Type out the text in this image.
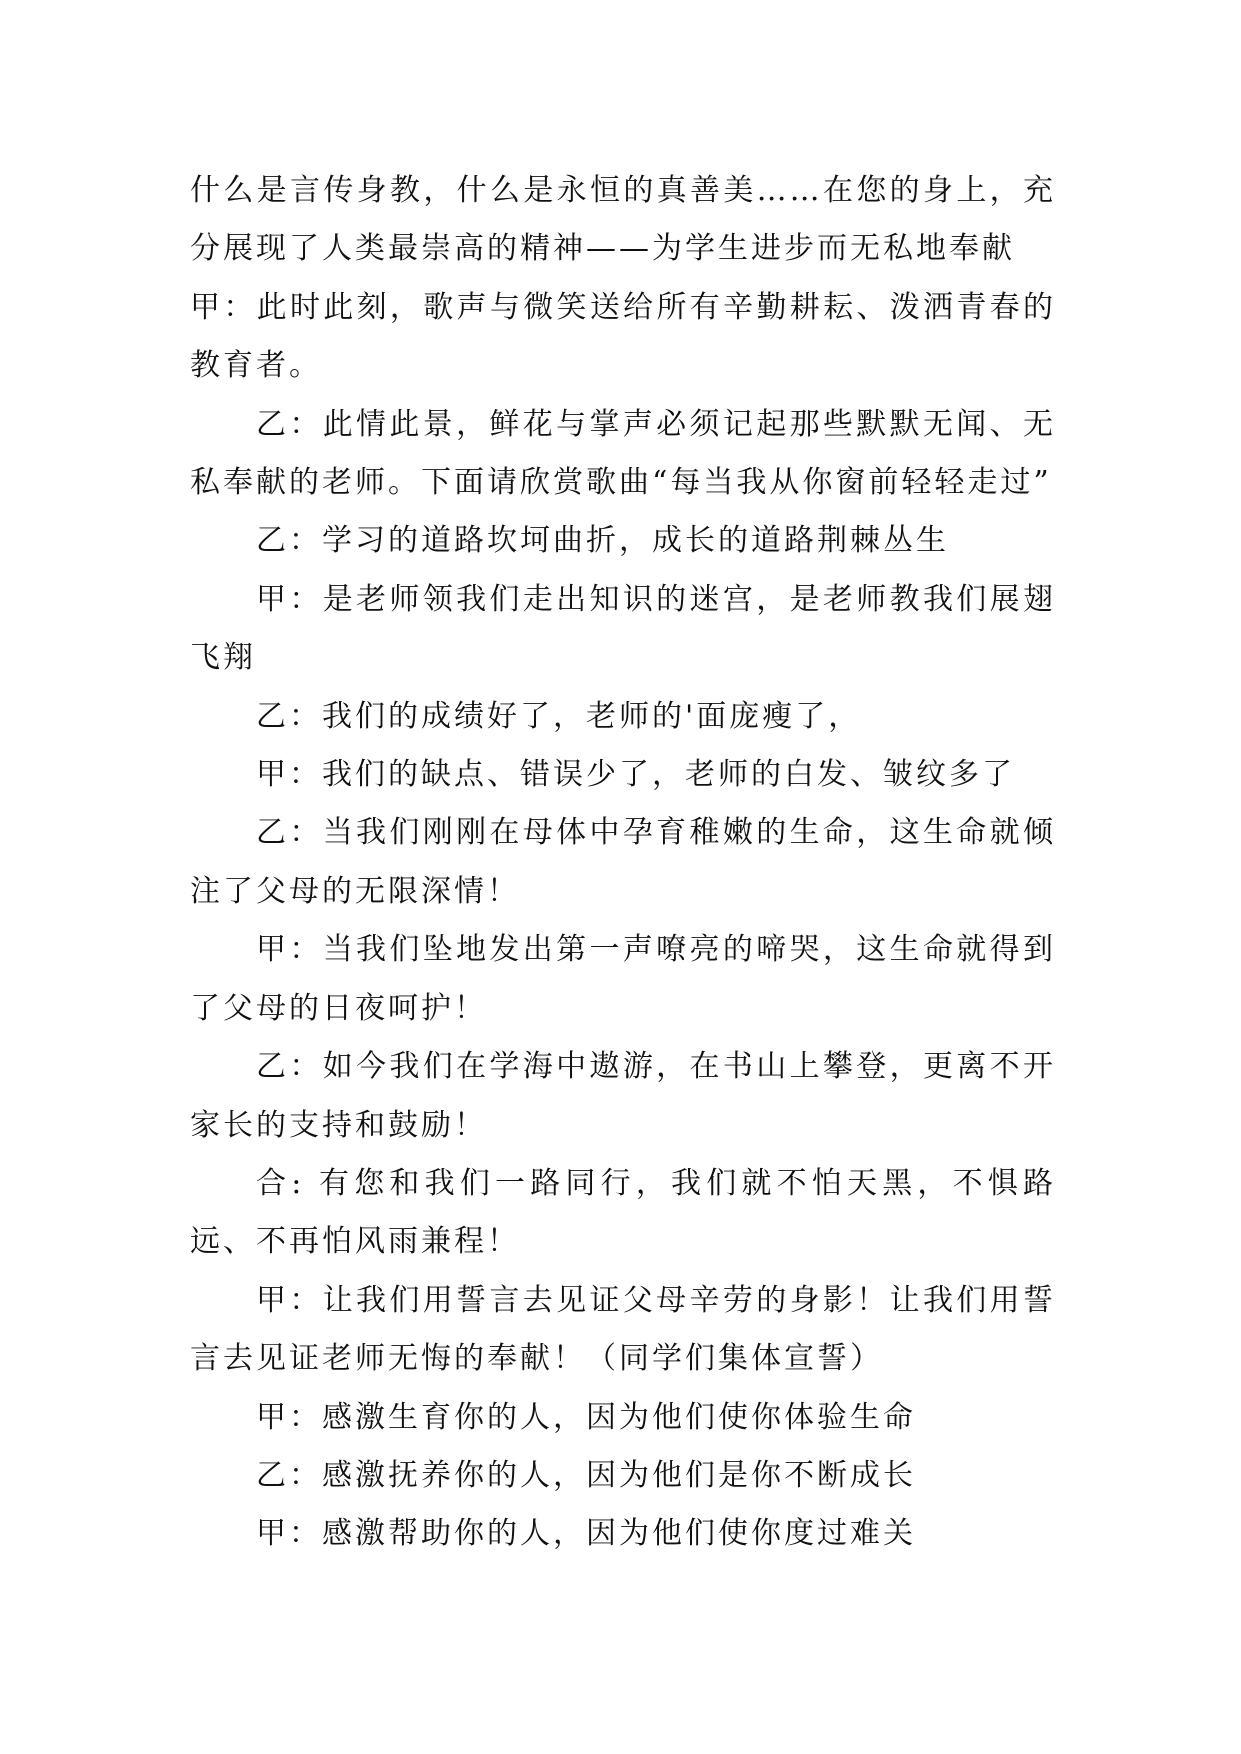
什么是言传身教，什么是永恒的真善美……在您的身上，充分展现了人类最崇高的精神——为学生进步而无私地奉献

甲：此时此刻，歌声与微笑送给所有辛勤耕耘、泼洒青春的教育者。

乙：此情此景，鲜花与掌声必须记起那些默默无闻、无私奉献的老师。下面请欣赏歌曲“每当我从你窗前轻轻走过”

乙：学习的道路坎坷曲折，成长的道路荆棘丛生

甲：是老师领我们走出知识的迷宫，是老师教我们展翅飞翔

乙：我们的成绩好了，老师的'面庞瘦了，

甲：我们的缺点、错误少了，老师的白发、皱纹多了

乙：当我们刚刚在母体中孕育稚嫩的生命，这生命就倾注了父母的无限深情！

甲：当我们坠地发出第一声嘹亮的啼哭，这生命就得到了父母的日夜呵护！

乙：如今我们在学海中遨游，在书山上攀登，更离不开家长的支持和鼓励！

合: 有您和我们一路同行，我们就不怕天黑，不惧路远、不再怕风雨兼程！

甲：让我们用誓言去见证父母辛劳的身影！让我们用誓言去见证老师无悔的奉献！（同学们集体宣誓）

甲：感激生育你的人，因为他们使你体验生命

乙：感激抚养你的人，因为他们是你不断成长

甲：感激帮助你的人，因为他们使你度过难关
